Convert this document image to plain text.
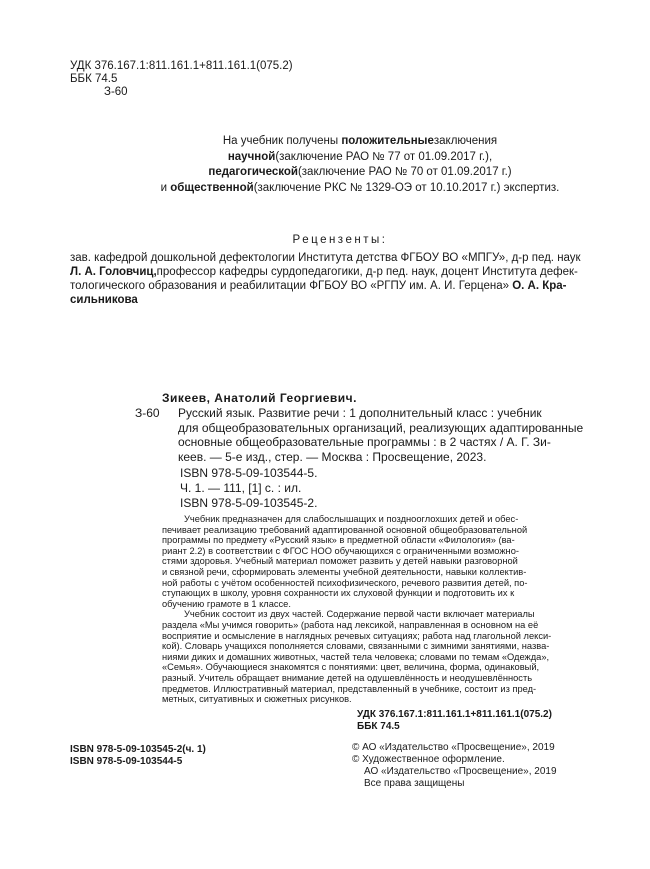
УДК 376.167.1:811.161.1+811.161.1(075.2)
ББК 74.5
З-60
На учебник получены положительныезаключения
научной(заключение РАО № 77 от 01.09.2017 г.),
педагогической(заключение РАО № 70 от 01.09.2017 г.)
и общественной(заключение РКС № 1329-ОЭ от 10.10.2017 г.) экспертиз.
Рецензенты:
зав. кафедрой дошкольной дефектологии Института детства ФГБОУ ВО «МПГУ», д-р пед. наук
Л. А. Головчиц,профессор кафедры сурдопедагогики, д-р пед. наук, доцент Института дефек-
тологического образования и реабилитации ФГБОУ ВО «РГПУ им. А. И. Герцена» О. А. Кра-
сильникова
Зикеев, Анатолий Георгиевич.
З-60 Русский язык. Развитие речи : 1 дополнительный класс : учебник
для общеобразовательных организаций, реализующих адаптированные
основные общеобразовательные программы : в 2 частях / А. Г. Зи-
кеев. — 5-е изд., стер. — Москва : Просвещение, 2023.
ISBN 978-5-09-103544-5.
Ч. 1. — 111, [1] с. : ил.
ISBN 978-5-09-103545-2.
Учебник предназначен для слабослышащих и позднооглохших детей и обес-
печивает реализацию требований адаптированной основной общеобразовательной
программы по предмету «Русский язык» в предметной области «Филология» (ва-
риант 2.2) в соответствии с ФГОС НОО обучающихся с ограниченными возможно-
стями здоровья. Учебный материал поможет развить у детей навыки разговорной
и связной речи, сформировать элементы учебной деятельности, навыки коллектив-
ной работы с учётом особенностей психофизического, речевого развития детей, по-
ступающих в школу, уровня сохранности их слуховой функции и подготовить их к
обучению грамоте в 1 классе.
Учебник состоит из двух частей. Содержание первой части включает материалы
раздела «Мы учимся говорить» (работа над лексикой, направленная в основном на её
восприятие и осмысление в наглядных речевых ситуациях; работа над глагольной лекси-
кой). Словарь учащихся пополняется словами, связанными с зимними занятиями, назва-
ниями диких и домашних животных, частей тела человека; словами по темам «Одежда»,
«Семья». Обучающиеся знакомятся с понятиями: цвет, величина, форма, одинаковый,
разный. Учитель обращает внимание детей на одушевлённость и неодушевлённость
предметов. Иллюстративный материал, представленный в учебнике, состоит из пред-
метных, ситуативных и сюжетных рисунков.
УДК 376.167.1:811.161.1+811.161.1(075.2)
ББК 74.5
ISBN 978-5-09-103545-2(ч. 1)
ISBN 978-5-09-103544-5
© АО «Издательство «Просвещение», 2019
© Художественное оформление.
АО «Издательство «Просвещение», 2019
Все права защищены
